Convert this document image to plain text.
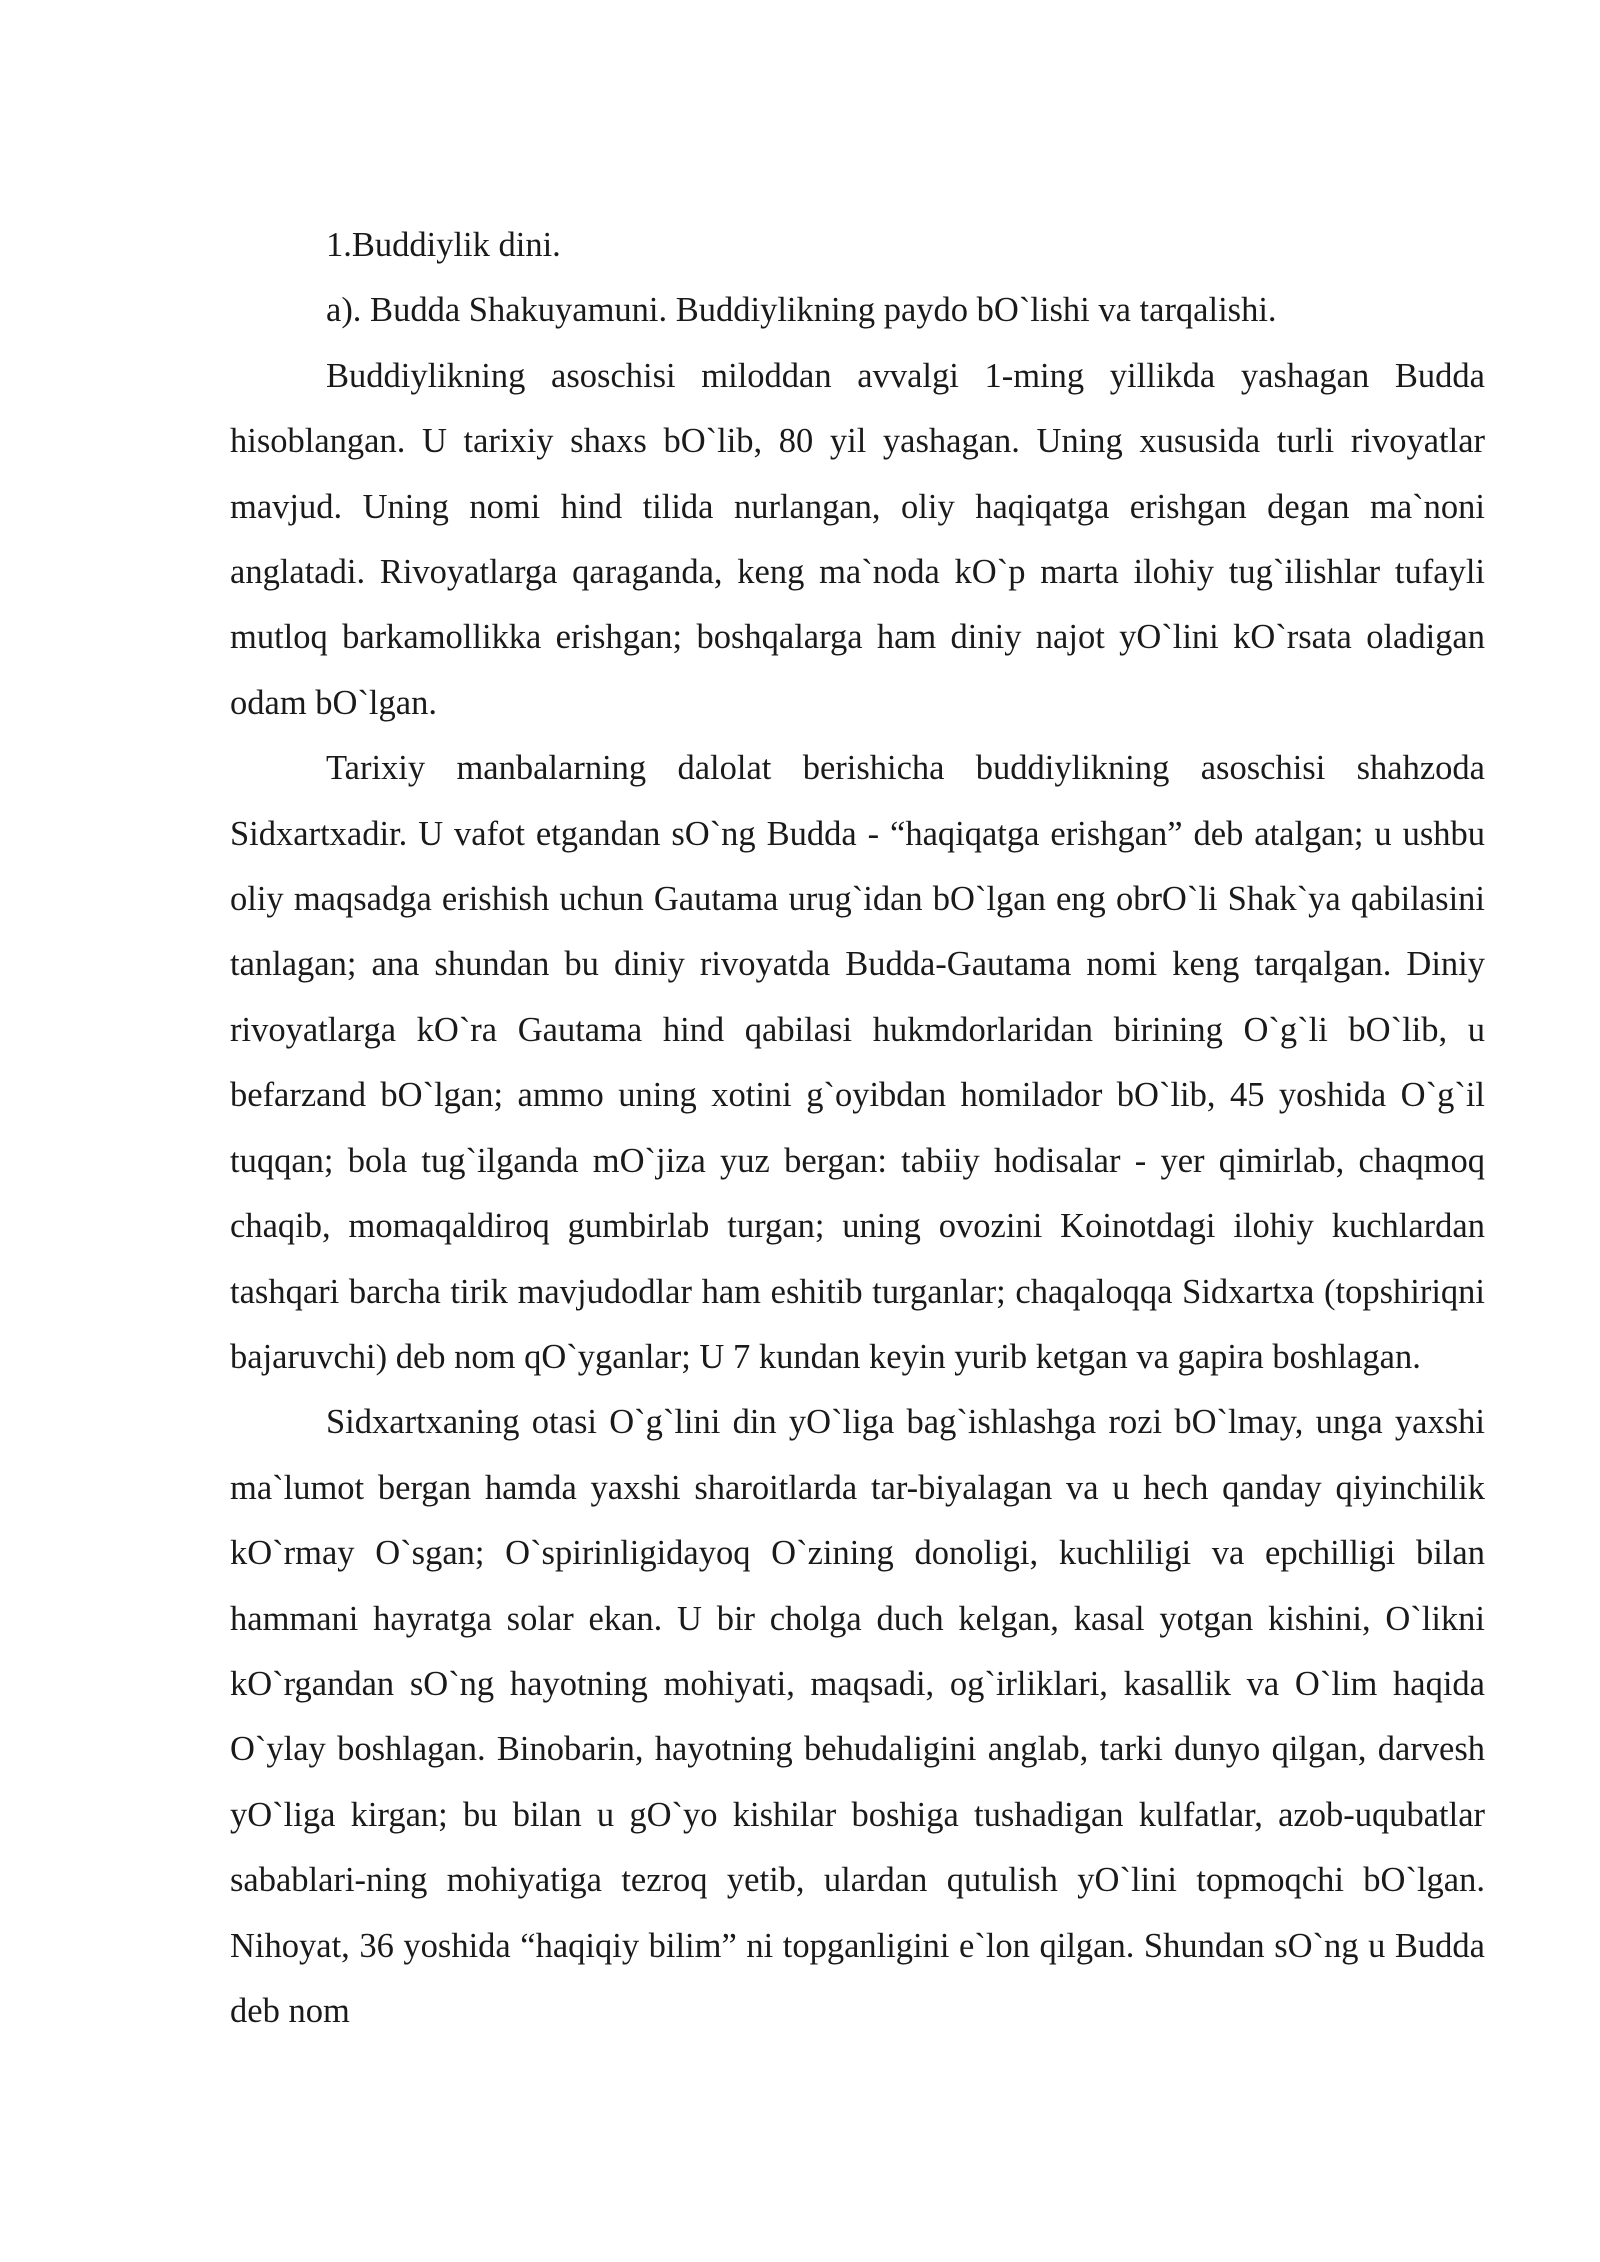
1.Buddiylik dini.

a). Budda Shakuyamuni. Buddiylikning paydo bO`lishi va tarqalishi.

Buddiylikning asoschisi miloddan avvalgi 1-ming yillikda yashagan Budda hisoblangan. U tarixiy shaxs bO`lib, 80 yil yashagan. Uning xususida turli rivoyatlar mavjud. Uning nomi hind tilida nurlangan, oliy haqiqatga erishgan degan ma`noni anglatadi. Rivoyatlarga qaraganda, keng ma`noda kO`p marta ilohiy tug`ilishlar tufayli mutloq barkamollikka erishgan; boshqalarga ham diniy najot yO`lini kO`rsata oladigan odam bO`lgan.

Tarixiy manbalarning dalolat berishicha buddiylikning asoschisi shahzoda Sidxartxadir. U vafot etgandan sO`ng Budda - “haqiqatga erishgan” deb atalgan; u ushbu oliy maqsadga erishish uchun Gautama urug`idan bO`lgan eng obrO`li Shak`ya qabilasini tanlagan; ana shundan bu diniy rivoyatda Budda-Gautama nomi keng tarqalgan. Diniy rivoyatlarga kO`ra Gautama hind qabilasi hukmdorlaridan birining O`g`li bO`lib, u befarzand bO`lgan; ammo uning xotini g`oyibdan homilador bO`lib, 45 yoshida O`g`il tuqqan; bola tug`ilganda mO`jiza yuz bergan: tabiiy hodisalar - yer qimirlab, chaqmoq chaqib, momaqaldiroq gumbirlab turgan; uning ovozini Koinotdagi ilohiy kuchlardan tashqari barcha tirik mavjudodlar ham eshitib turganlar; chaqaloqqa Sidxartxa (topshiriqni bajaruvchi) deb nom qO`yganlar; U 7 kundan keyin yurib ketgan va gapira boshlagan.

Sidxartxaning otasi O`g`lini din yO`liga bag`ishlashga rozi bO`lmay, unga yaxshi ma`lumot bergan hamda yaxshi sharoitlarda tar-biyalagan va u hech qanday qiyinchilik kO`rmay O`sgan; O`spirinligidayoq O`zining donoligi, kuchliligi va epchilligi bilan hammani hayratga solar ekan. U bir cholga duch kelgan, kasal yotgan kishini, O`likni kO`rgandan sO`ng hayotning mohiyati, maqsadi, og`irliklari, kasallik va O`lim haqida O`ylay boshlagan. Binobarin, hayotning behudaligini anglab, tarki dunyo qilgan, darvesh yO`liga kirgan; bu bilan u gO`yo kishilar boshiga tushadigan kulfatlar, azob-uqubatlar sabablari-ning mohiyatiga tezroq yetib, ulardan qutulish yO`lini topmoqchi bO`lgan. Nihoyat, 36 yoshida “haqiqiy bilim” ni topganligini e`lon qilgan. Shundan sO`ng u Budda deb nom
